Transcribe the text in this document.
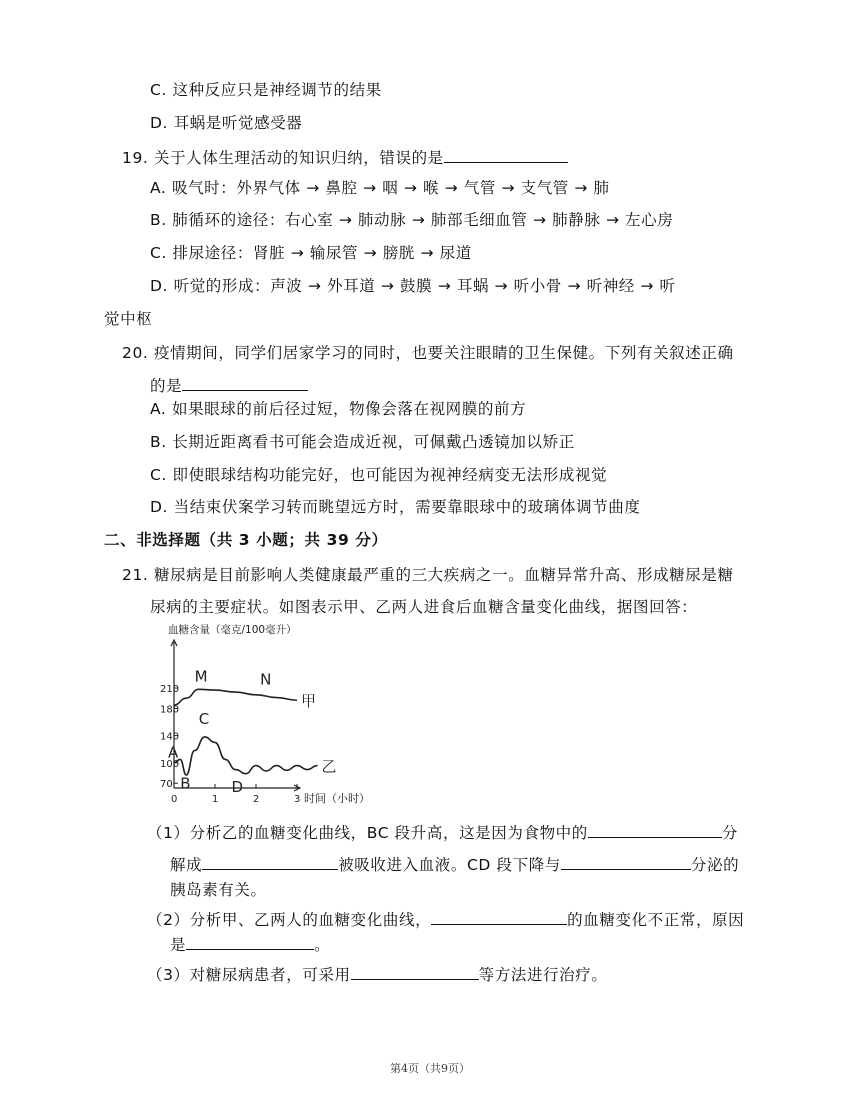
C. 这种反应只是神经调节的结果
D. 耳蜗是听觉感受器
19. 关于人体生理活动的知识归纳，错误的是
A. 吸气时：外界气体 → 鼻腔 → 咽 → 喉 → 气管 → 支气管 → 肺
B. 肺循环的途径：右心室 → 肺动脉 → 肺部毛细血管 → 肺静脉 → 左心房
C. 排尿途径：肾脏 → 输尿管 → 膀胱 → 尿道
D. 听觉的形成：声波 → 外耳道 → 鼓膜 → 耳蜗 → 听小骨 → 听神经 → 听
觉中枢
20. 疫情期间，同学们居家学习的同时，也要关注眼睛的卫生保健。下列有关叙述正确
的是
A. 如果眼球的前后径过短，物像会落在视网膜的前方
B. 长期近距离看书可能会造成近视，可佩戴凸透镜加以矫正
C. 即使眼球结构功能完好，也可能因为视神经病变无法形成视觉
D. 当结束伏案学习转而眺望远方时，需要靠眼球中的玻璃体调节曲度
二、非选择题（共 3 小题；共 39 分）
21. 糖尿病是目前影响人类健康最严重的三大疾病之一。血糖异常升高、形成糖尿是糖
尿病的主要症状。如图表示甲、乙两人进食后血糖含量变化曲线，据图回答：
血糖含量（毫克/100毫升）
210
180
140
100
70
0	1	2	3
甲
乙
M	N
A
B
C
D
时间（小时）
（1）分析乙的血糖变化曲线，BC 段升高，这是因为食物中的	分
解成	被吸收进入血液。CD 段下降与	分泌的
胰岛素有关。
（2）分析甲、乙两人的血糖变化曲线，	的血糖变化不正常，原因
是	。
（3）对糖尿病患者，可采用	等方法进行治疗。
第4页（共9页）
